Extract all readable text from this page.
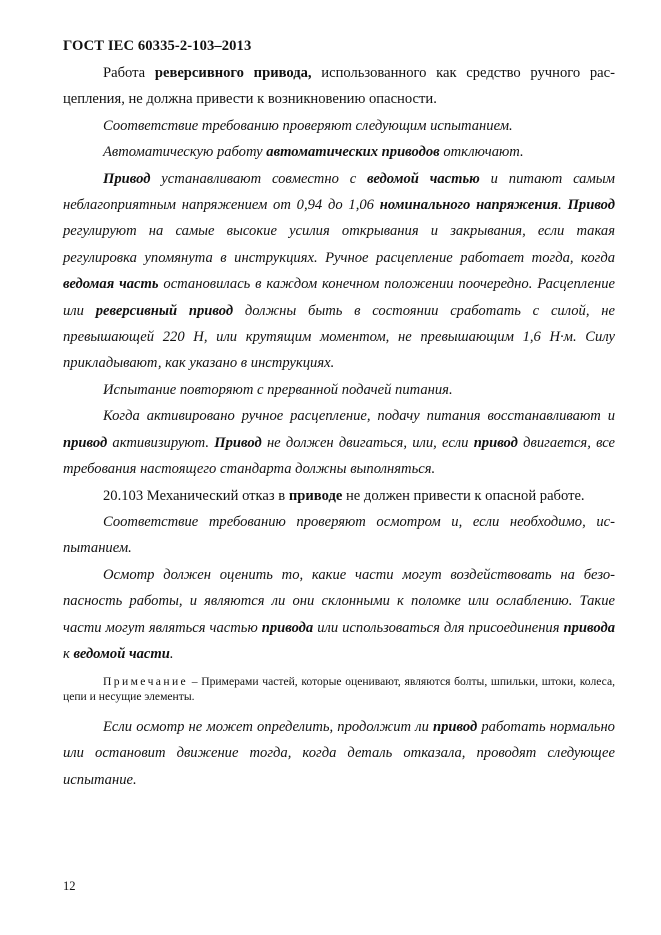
ГОСТ IEC 60335-2-103–2013

Работа реверсивного привода, использованного как средство ручного расцепления, не должна привести к возникновению опасности.

Соответствие требованию проверяют следующим испытанием.

Автоматическую работу автоматических приводов отключают.

Привод устанавливают совместно с ведомой частью и питают самым неблагоприятным напряжением от 0,94 до 1,06 номинального напряжения. Привод регулируют на самые высокие усилия открывания и закрывания, если такая регулировка упомянута в инструкциях. Ручное расцепление работает тогда, когда ведомая часть остановилась в каждом конечном положении поочередно. Расцепление или реверсивный привод должны быть в состоянии сработать с силой, не превышающей 220 Н, или крутящим моментом, не превышающим 1,6 Н·м. Силу прикладывают, как указано в инструкциях.

Испытание повторяют с прерванной подачей питания.

Когда активировано ручное расцепление, подачу питания восстанавливают и привод активизируют. Привод не должен двигаться, или, если привод двигается, все требования настоящего стандарта должны выполняться.

20.103 Механический отказ в приводе не должен привести к опасной работе.

Соответствие требованию проверяют осмотром и, если необходимо, испытанием.

Осмотр должен оценить то, какие части могут воздействовать на безопасность работы, и являются ли они склонными к поломке или ослаблению. Такие части могут являться частью привода или использоваться для присоединения привода к ведомой части.

Примечание – Примерами частей, которые оценивают, являются болты, шпильки, штоки, колеса, цепи и несущие элементы.

Если осмотр не может определить, продолжит ли привод работать нормально или остановит движение тогда, когда деталь отказала, проводят следующее испытание.

12
